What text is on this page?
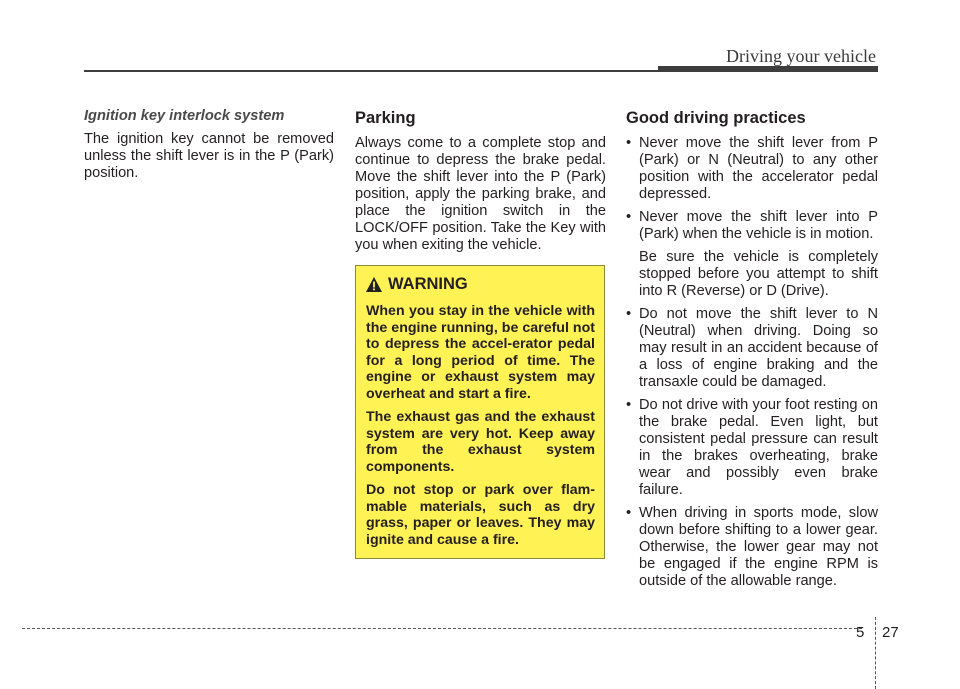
Driving your vehicle
Ignition key interlock system

The ignition key cannot be removed unless the shift lever is in the P (Park) position.

Parking

Always come to a complete stop and continue to depress the brake pedal. Move the shift lever into the P (Park) position, apply the parking brake, and place the ignition switch in the LOCK/OFF position. Take the Key with you when exiting the vehicle.

WARNING
When you stay in the vehicle with the engine running, be careful not to depress the accel-erator pedal for a long period of time. The engine or exhaust system may overheat and start a fire.
The exhaust gas and the exhaust system are very hot. Keep away from the exhaust system components.
Do not stop or park over flam-mable materials, such as dry grass, paper or leaves. They may ignite and cause a fire.
Good driving practices
• Never move the shift lever from P (Park) or N (Neutral) to any other position with the accelerator pedal depressed.
• Never move the shift lever into P (Park) when the vehicle is in motion.
Be sure the vehicle is completely stopped before you attempt to shift into R (Reverse) or D (Drive).
• Do not move the shift lever to N (Neutral) when driving. Doing so may result in an accident because of a loss of engine braking and the transaxle could be damaged.
• Do not drive with your foot resting on the brake pedal. Even light, but consistent pedal pressure can result in the brakes overheating, brake wear and possibly even brake failure.
• When driving in sports mode, slow down before shifting to a lower gear. Otherwise, the lower gear may not be engaged if the engine RPM is outside of the allowable range.
5 27
